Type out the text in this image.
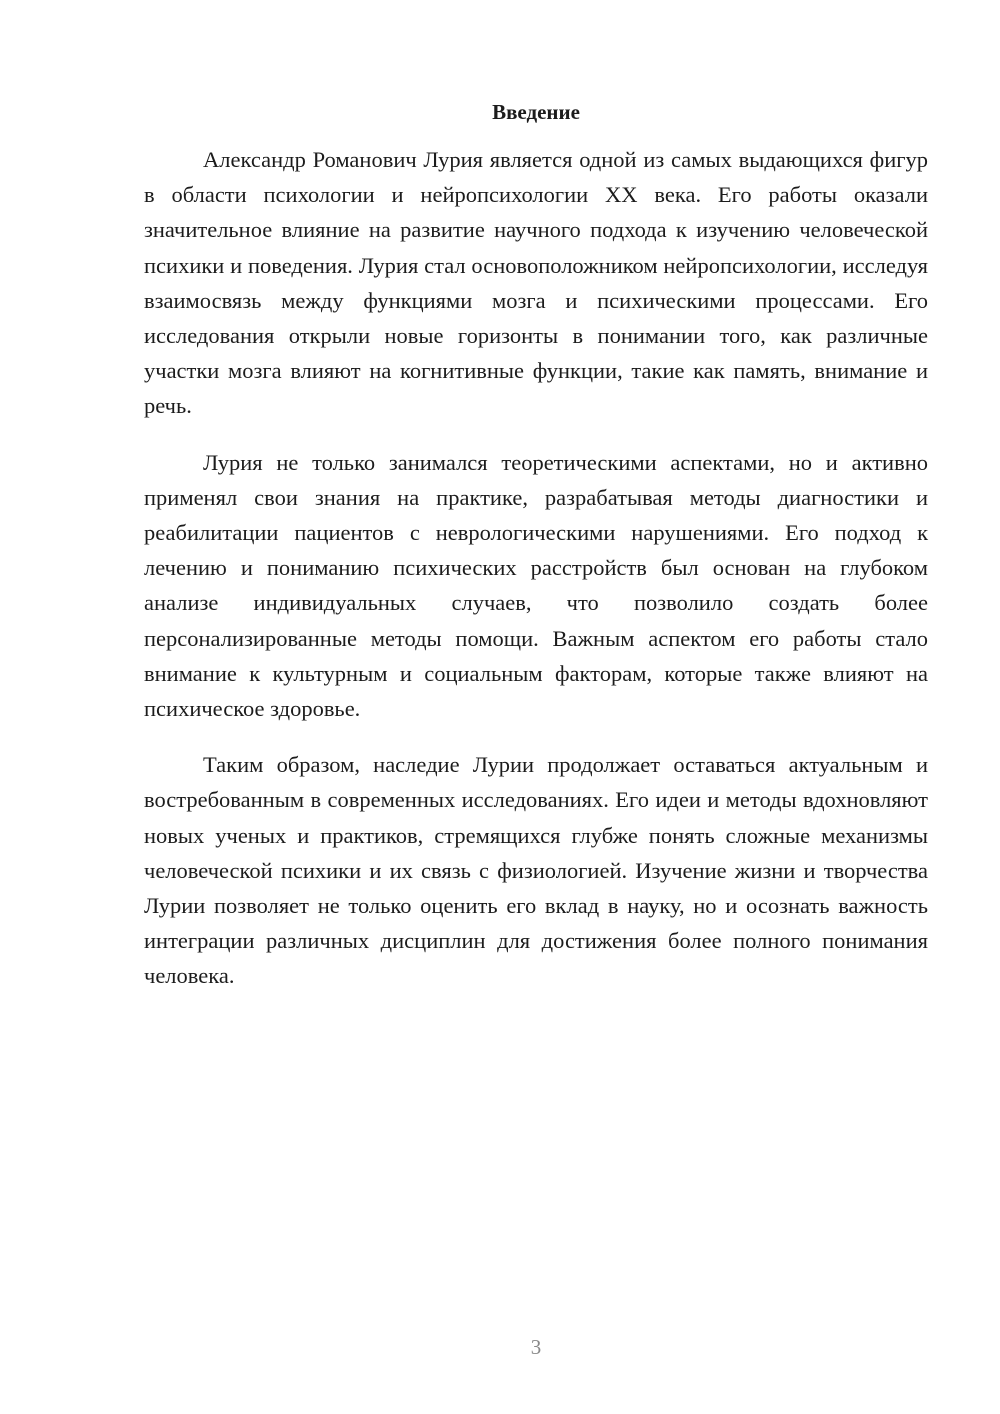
Введение

Александр Романович Лурия является одной из самых выдающихся фигур в области психологии и нейропсихологии XX века. Его работы оказали значительное влияние на развитие научного подхода к изучению человеческой психики и поведения. Лурия стал основоположником нейропсихологии, исследуя взаимосвязь между функциями мозга и психическими процессами. Его исследования открыли новые горизонты в понимании того, как различные участки мозга влияют на когнитивные функции, такие как память, внимание и речь.

Лурия не только занимался теоретическими аспектами, но и активно применял свои знания на практике, разрабатывая методы диагностики и реабилитации пациентов с неврологическими нарушениями. Его подход к лечению и пониманию психических расстройств был основан на глубоком анализе индивидуальных случаев, что позволило создать более персонализированные методы помощи. Важным аспектом его работы стало внимание к культурным и социальным факторам, которые также влияют на психическое здоровье.

Таким образом, наследие Лурии продолжает оставаться актуальным и востребованным в современных исследованиях. Его идеи и методы вдохновляют новых ученых и практиков, стремящихся глубже понять сложные механизмы человеческой психики и их связь с физиологией. Изучение жизни и творчества Лурии позволяет не только оценить его вклад в науку, но и осознать важность интеграции различных дисциплин для достижения более полного понимания человека.

3
